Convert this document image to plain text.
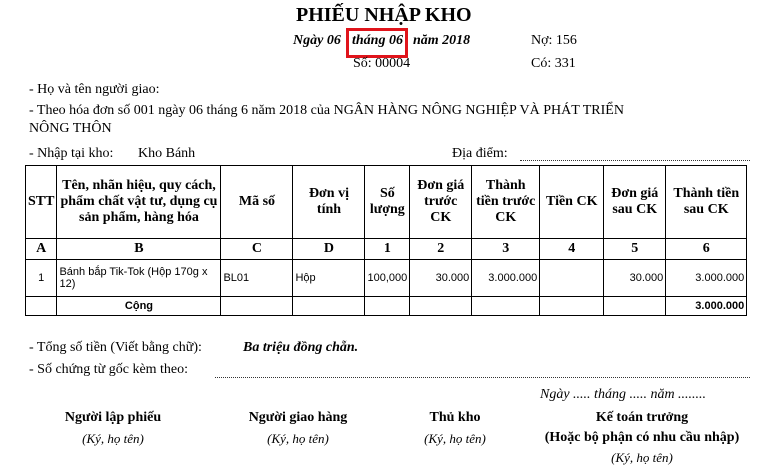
PHIẾU NHẬP KHO
Ngày 06 tháng 06 năm 2018
Số: 00004
Nợ: 156
Có: 331
- Họ và tên người giao:
- Theo hóa đơn số 001 ngày 06 tháng 6 năm 2018 của NGÂN HÀNG NÔNG NGHIỆP VÀ PHÁT TRIỂN
NÔNG THÔN
- Nhập tại kho: Kho Bánh	Địa điểm:
STT	Tên, nhãn hiệu, quy cách, phẩm chất vật tư, dụng cụ sản phẩm, hàng hóa	Mã số	Đơn vị tính	Số lượng	Đơn giá trước CK	Thành tiền trước CK	Tiền CK	Đơn giá sau CK	Thành tiền sau CK
A	B	C	D	1	2	3	4	5	6
1	Bánh bắp Tik-Tok (Hộp 170g x 12)	BL01	Hộp	100,000	30.000	3.000.000		30.000	3.000.000
	Cộng								3.000.000
- Tổng số tiền (Viết bằng chữ):	Ba triệu đồng chẵn.
- Số chứng từ gốc kèm theo:
Ngày ..... tháng ..... năm ........
Người lập phiếu
(Ký, họ tên)
Người giao hàng
(Ký, họ tên)
Thủ kho
(Ký, họ tên)
Kế toán trưởng
(Hoặc bộ phận có nhu cầu nhập)
(Ký, họ tên)
